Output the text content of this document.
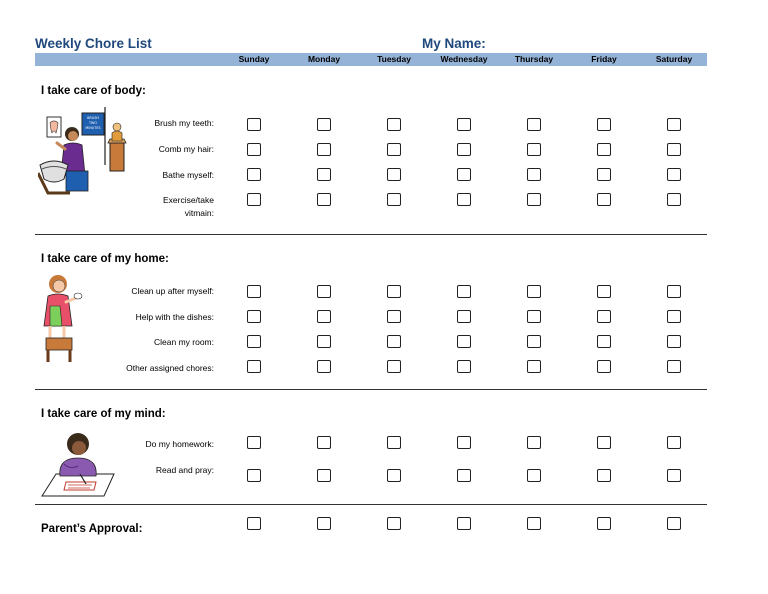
Weekly Chore List	My Name:
Sunday	Monday	Tuesday	Wednesday	Thursday	Friday	Saturday
I take care of body:
BRUSH
TWO
MINUTES	Brush my teeth:
Comb my hair:
Bathe myself:
Exercise/take vitmain:
I take care of my home:
Clean up after myself:
Help with the dishes:
Clean my room:
Other assigned chores:
I take care of my mind:
Do my homework:
Read and pray:
Parent’s Approval:
